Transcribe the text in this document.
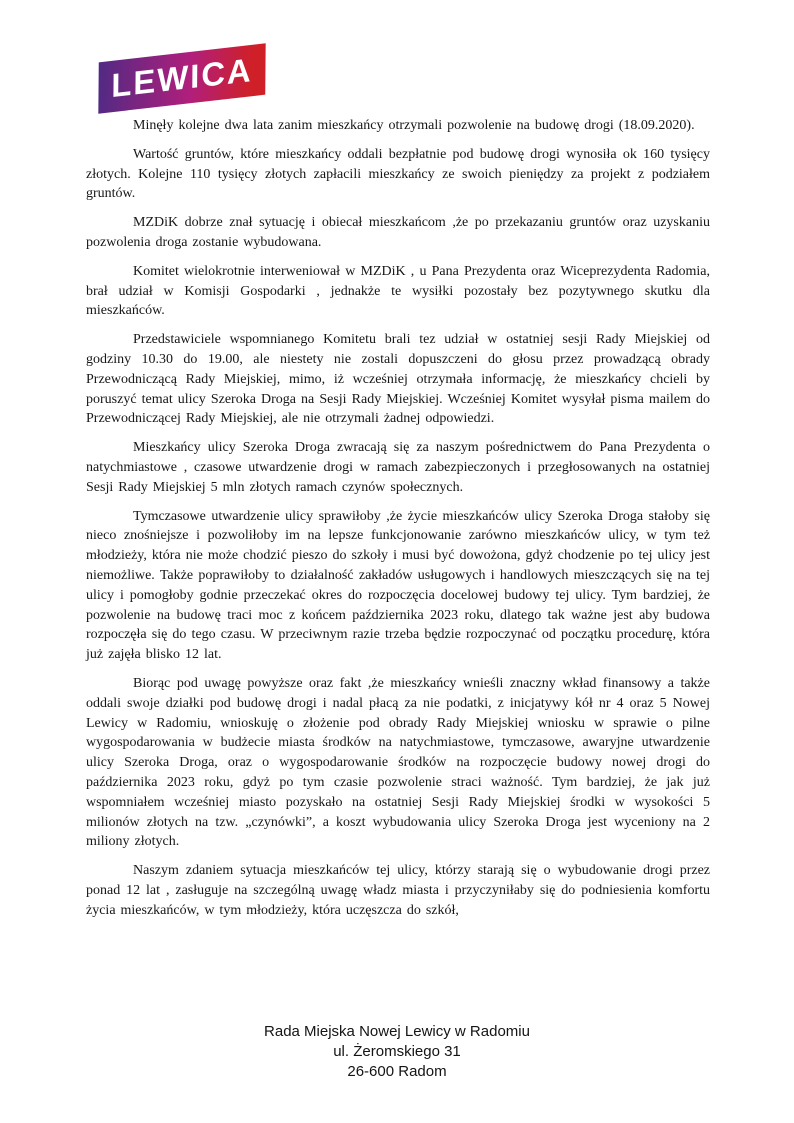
LEWICA

Minęły kolejne dwa lata zanim mieszkańcy otrzymali pozwolenie na budowę drogi (18.09.2020).

Wartość gruntów, które mieszkańcy oddali bezpłatnie pod budowę drogi wynosiła ok 160 tysięcy złotych. Kolejne 110 tysięcy złotych zapłacili mieszkańcy ze swoich pieniędzy za projekt z podziałem gruntów.

MZDiK dobrze znał sytuację i obiecał mieszkańcom ,że po przekazaniu gruntów oraz uzyskaniu pozwolenia droga zostanie wybudowana.

Komitet wielokrotnie interweniował w MZDiK , u Pana Prezydenta oraz Wiceprezydenta Radomia, brał udział w Komisji Gospodarki , jednakże te wysiłki pozostały bez pozytywnego skutku dla mieszkańców.

Przedstawiciele wspomnianego Komitetu brali tez udział w ostatniej sesji Rady Miejskiej od godziny 10.30 do 19.00, ale niestety nie zostali dopuszczeni do głosu przez prowadzącą obrady Przewodniczącą Rady Miejskiej, mimo, iż wcześniej otrzymała informację, że mieszkańcy chcieli by poruszyć temat ulicy Szeroka Droga na Sesji Rady Miejskiej. Wcześniej Komitet wysyłał pisma mailem do Przewodniczącej Rady Miejskiej, ale nie otrzymali żadnej odpowiedzi.

Mieszkańcy ulicy Szeroka Droga zwracają się za naszym pośrednictwem do Pana Prezydenta o natychmiastowe , czasowe utwardzenie drogi w ramach zabezpieczonych i przegłosowanych na ostatniej Sesji Rady Miejskiej 5 mln złotych ramach czynów społecznych.

Tymczasowe utwardzenie ulicy sprawiłoby ,że życie mieszkańców ulicy Szeroka Droga stałoby się nieco znośniejsze i pozwoliłoby im na lepsze funkcjonowanie zarówno mieszkańców ulicy, w tym też młodzieży, która nie może chodzić pieszo do szkoły i musi być dowożona, gdyż chodzenie po tej ulicy jest niemożliwe. Także poprawiłoby to działalność zakładów usługowych i handlowych mieszczących się na tej ulicy i pomogłoby godnie przeczekać okres do rozpoczęcia docelowej budowy tej ulicy. Tym bardziej, że pozwolenie na budowę traci moc z końcem października 2023 roku, dlatego tak ważne jest aby budowa rozpoczęła się do tego czasu. W przeciwnym razie trzeba będzie rozpoczynać od początku procedurę, która już zajęła blisko 12 lat.

Biorąc pod uwagę powyższe oraz fakt ,że mieszkańcy wnieśli znaczny wkład finansowy a także oddali swoje działki pod budowę drogi i nadal płacą za nie podatki, z inicjatywy kół nr 4 oraz 5 Nowej Lewicy w Radomiu, wnioskuję o złożenie pod obrady Rady Miejskiej wniosku w sprawie o pilne wygospodarowania w budżecie miasta środków na natychmiastowe, tymczasowe, awaryjne utwardzenie ulicy Szeroka Droga, oraz o wygospodarowanie środków na rozpoczęcie budowy nowej drogi do października 2023 roku, gdyż po tym czasie pozwolenie straci ważność. Tym bardziej, że jak już wspomniałem wcześniej miasto pozyskało na ostatniej Sesji Rady Miejskiej środki w wysokości 5 milionów złotych na tzw. „czynówki”, a koszt wybudowania ulicy Szeroka Droga jest wyceniony na 2 miliony złotych.

Naszym zdaniem sytuacja mieszkańców tej ulicy, którzy starają się o wybudowanie drogi przez ponad 12 lat , zasługuje na szczególną uwagę władz miasta i przyczyniłaby się do podniesienia komfortu życia mieszkańców, w tym młodzieży, która uczęszcza do szkół,

Rada Miejska Nowej Lewicy w Radomiu
ul. Żeromskiego 31
26-600 Radom
